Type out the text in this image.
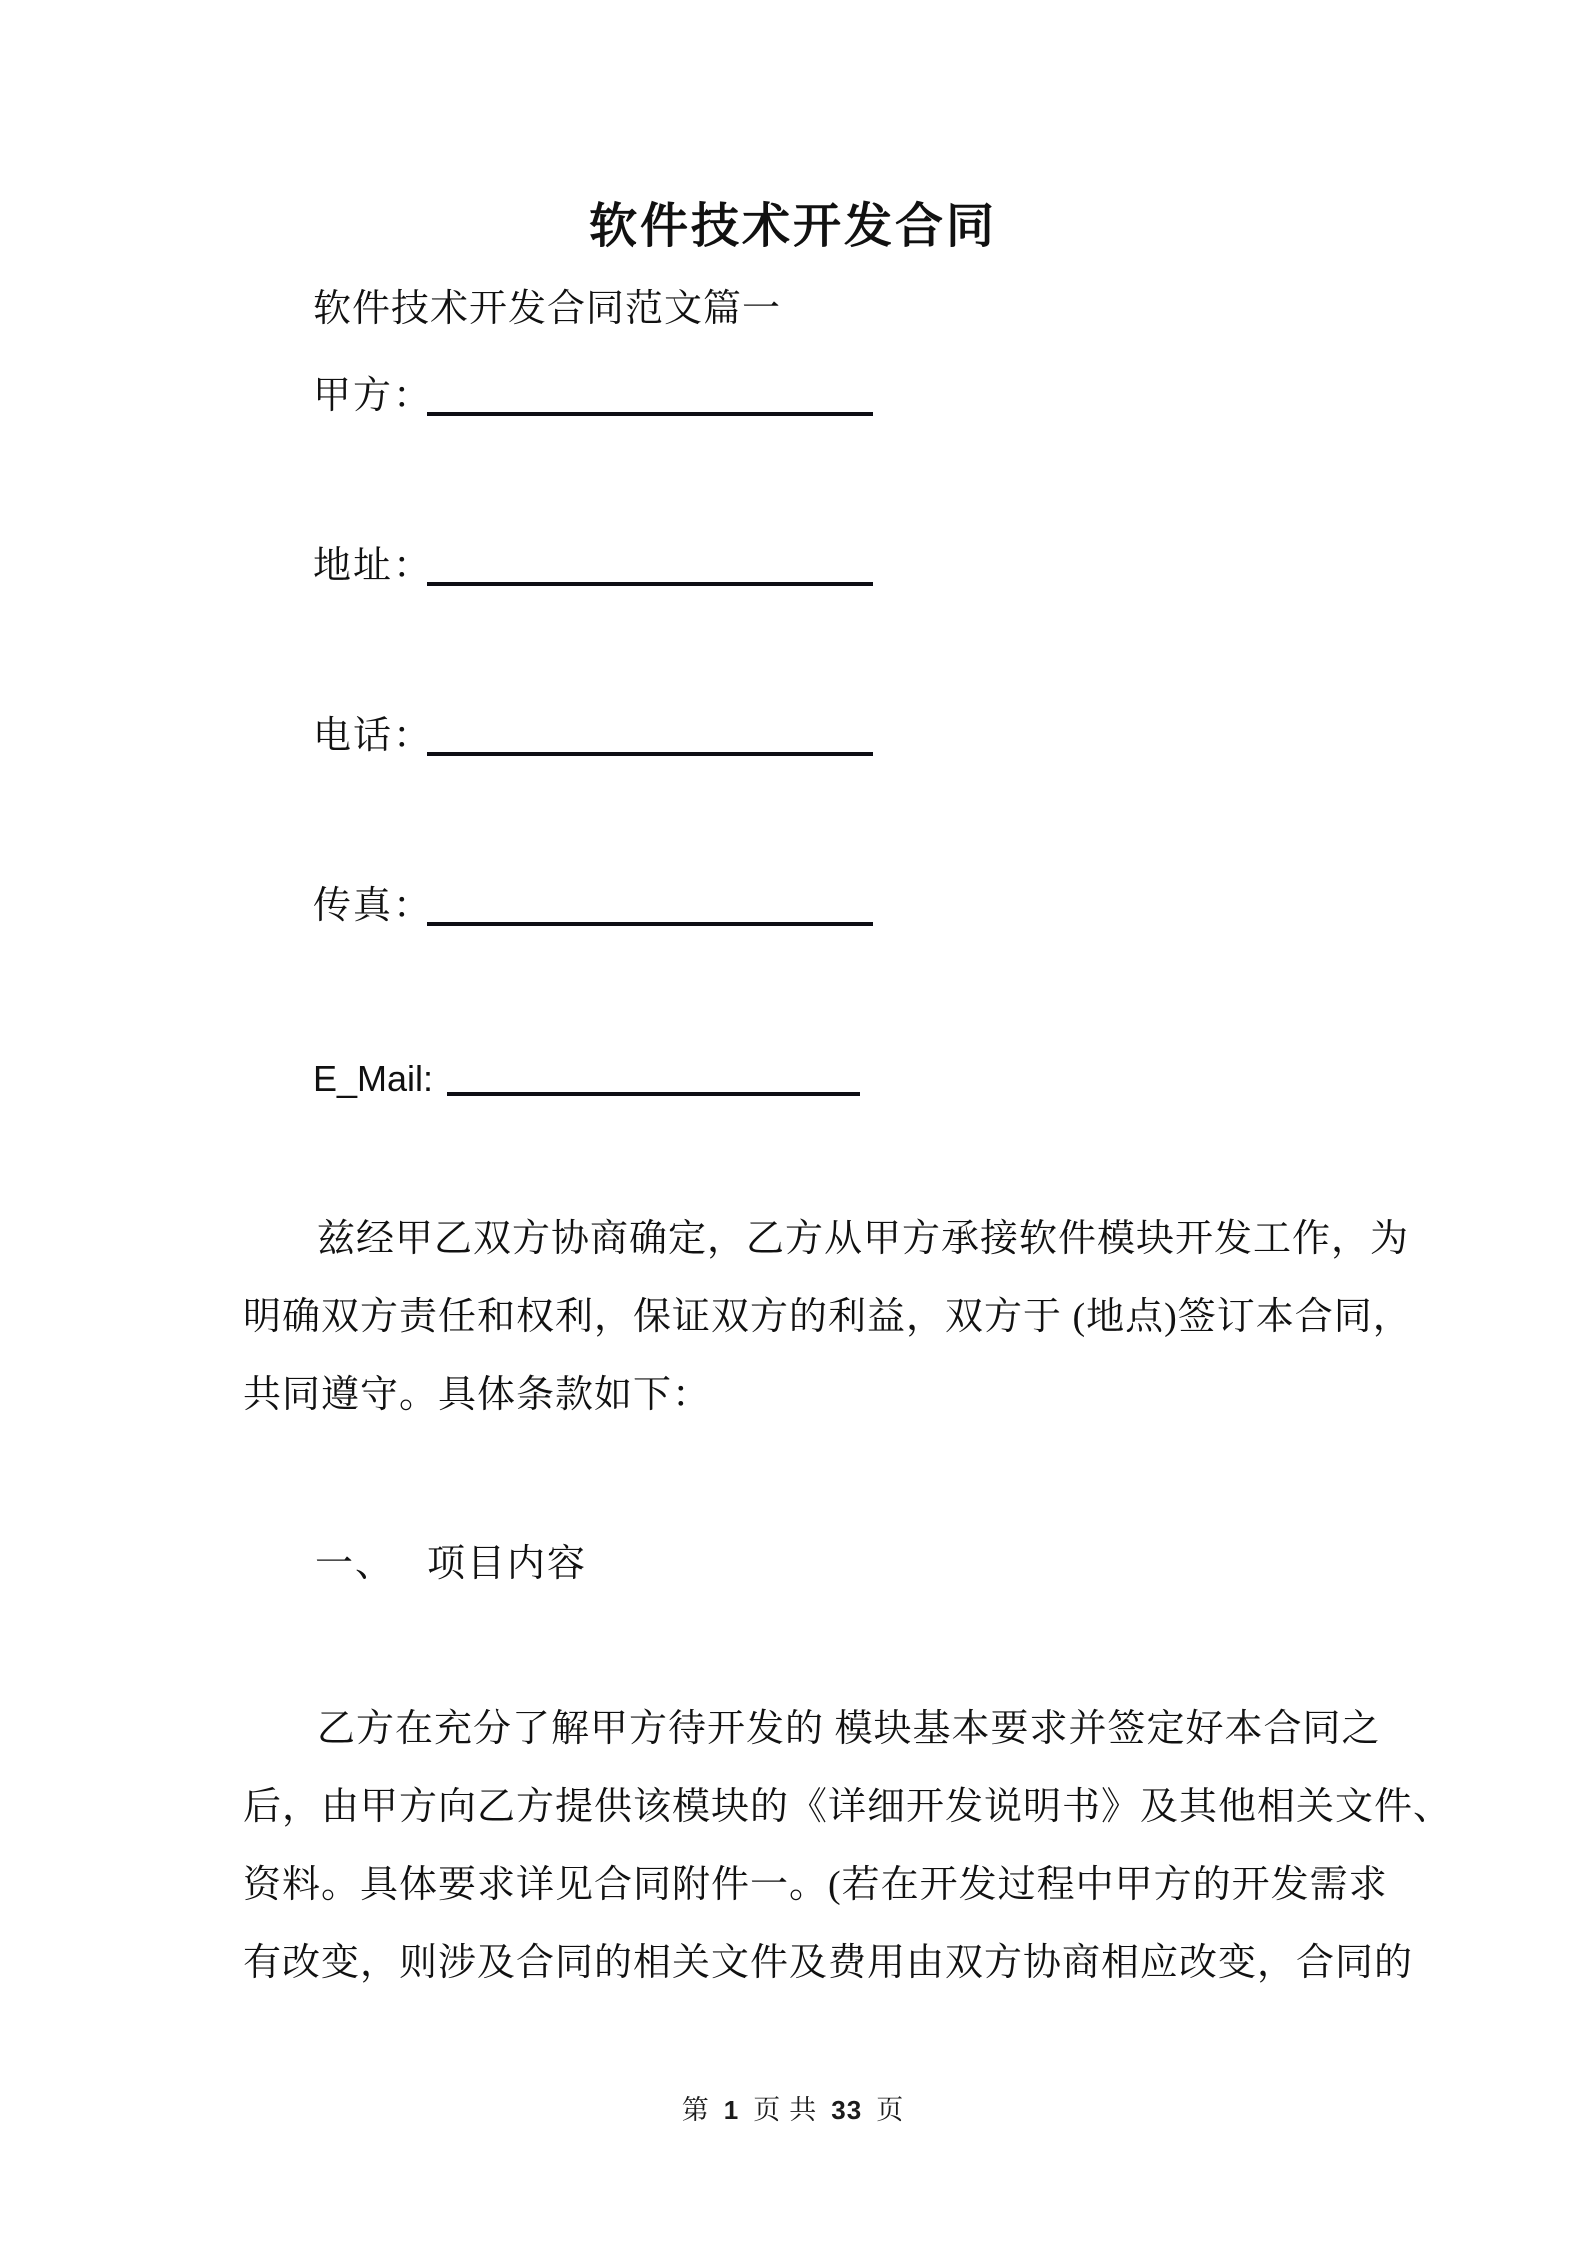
软件技术开发合同
软件技术开发合同范文篇一
甲方：
地址：
电话：
传真：
E_Mail:
兹经甲乙双方协商确定，乙方从甲方承接软件模块开发工作，为
明确双方责任和权利，保证双方的利益，双方于 (地点)签订本合同，
共同遵守。具体条款如下：
一、 项目内容
乙方在充分了解甲方待开发的 模块基本要求并签定好本合同之
后，由甲方向乙方提供该模块的《详细开发说明书》及其他相关文件、
资料。具体要求详见合同附件一。(若在开发过程中甲方的开发需求
有改变，则涉及合同的相关文件及费用由双方协商相应改变，合同的
第 1 页 共 33 页
